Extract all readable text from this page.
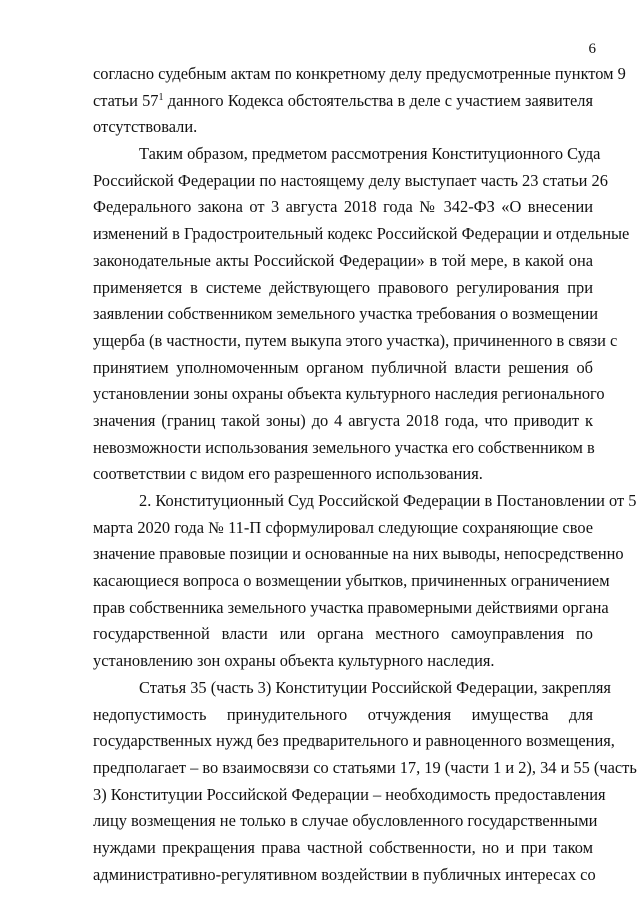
6
согласно судебным актам по конкретному делу предусмотренные пунктом 9
статьи $57^1$ данного Кодекса обстоятельства в деле с участием заявителя
отсутствовали.
Таким образом, предметом рассмотрения Конституционного Суда
Российской Федерации по настоящему делу выступает часть 23 статьи 26
Федерального закона от 3 августа 2018 года № 342-ФЗ «О внесении
изменений в Градостроительный кодекс Российской Федерации и отдельные
законодательные акты Российской Федерации» в той мере, в какой она
применяется в системе действующего правового регулирования при
заявлении собственником земельного участка требования о возмещении
ущерба (в частности, путем выкупа этого участка), причиненного в связи с
принятием уполномоченным органом публичной власти решения об
установлении зоны охраны объекта культурного наследия регионального
значения (границ такой зоны) до 4 августа 2018 года, что приводит к
невозможности использования земельного участка его собственником в
соответствии с видом его разрешенного использования.
2. Конституционный Суд Российской Федерации в Постановлении от 5
марта 2020 года № 11-П сформулировал следующие сохраняющие свое
значение правовые позиции и основанные на них выводы, непосредственно
касающиеся вопроса о возмещении убытков, причиненных ограничением
прав собственника земельного участка правомерными действиями органа
государственной власти или органа местного самоуправления по
установлению зон охраны объекта культурного наследия.
Статья 35 (часть 3) Конституции Российской Федерации, закрепляя
недопустимость принудительного отчуждения имущества для
государственных нужд без предварительного и равноценного возмещения,
предполагает – во взаимосвязи со статьями 17, 19 (части 1 и 2), 34 и 55 (часть
3) Конституции Российской Федерации – необходимость предоставления
лицу возмещения не только в случае обусловленного государственными
нуждами прекращения права частной собственности, но и при таком
административно-регулятивном воздействии в публичных интересах со
